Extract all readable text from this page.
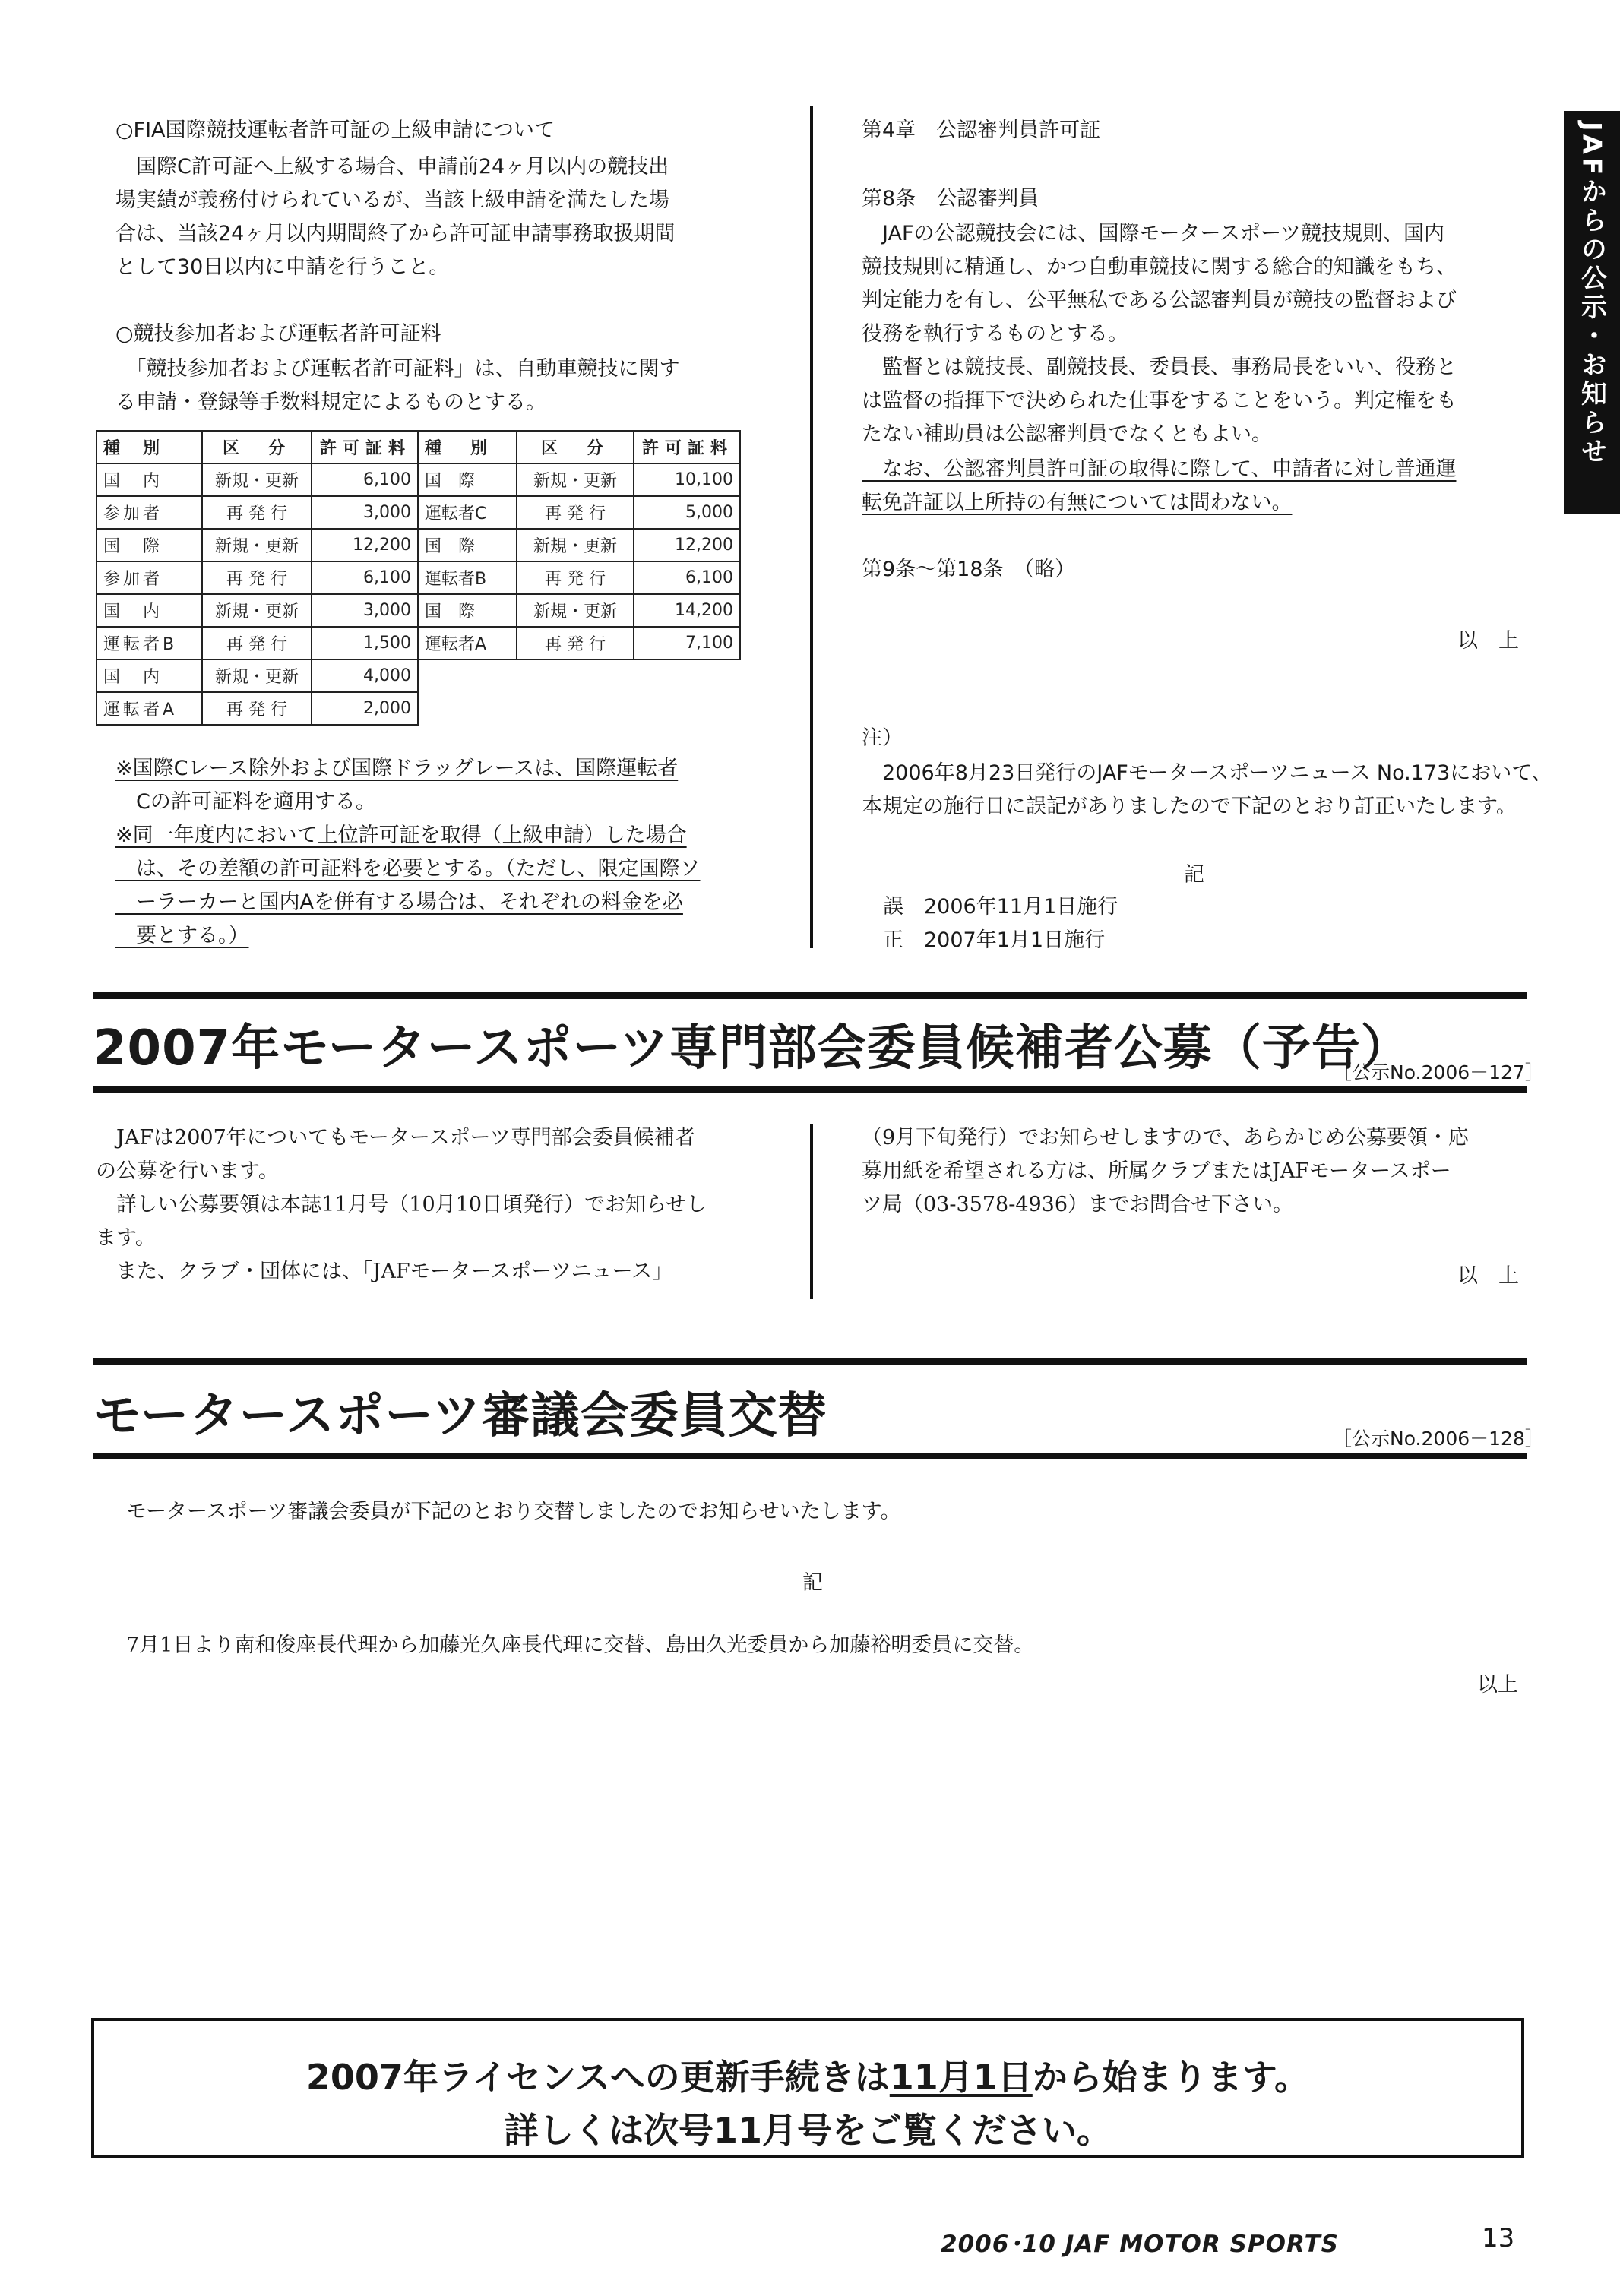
JAFからの公示・お知らせ
○FIA国際競技運転者許可証の上級申請について
　国際C許可証へ上級する場合、申請前24ヶ月以内の競技出
場実績が義務付けられているが、当該上級申請を満たした場
合は、当該24ヶ月以内期間終了から許可証申請事務取扱期間
として30日以内に申請を行うこと。
○競技参加者および運転者許可証料
　「競技参加者および運転者許可証料」は、自動車競技に関す
る申請・登録等手数料規定によるものとする。
種　別	区　分	許可証料	種　別	区　分	許可証料
国　内	新規・更新	6,100	国　際	新規・更新	10,100
参加者	再 発 行	3,000	運転者C	再 発 行	5,000
国　際	新規・更新	12,200	国　際	新規・更新	12,200
参加者	再 発 行	6,100	運転者B	再 発 行	6,100
国　内	新規・更新	3,000	国　際	新規・更新	14,200
運転者B	再 発 行	1,500	運転者A	再 発 行	7,100
国　内	新規・更新	4,000			
運転者A	再 発 行	2,000			
※国際Cレース除外および国際ドラッグレースは、国際運転者
　Cの許可証料を適用する。
※同一年度内において上位許可証を取得（上級申請）した場合
　は、その差額の許可証料を必要とする。（ただし、限定国際ソ
　ーラーカーと国内Aを併有する場合は、それぞれの料金を必
　要とする。）
第4章　公認審判員許可証
第8条　公認審判員
　JAFの公認競技会には、国際モータースポーツ競技規則、国内
競技規則に精通し、かつ自動車競技に関する総合的知識をもち、
判定能力を有し、公平無私である公認審判員が競技の監督および
役務を執行するものとする。
　監督とは競技長、副競技長、委員長、事務局長をいい、役務と
は監督の指揮下で決められた仕事をすることをいう。判定権をも
たない補助員は公認審判員でなくともよい。
　なお、公認審判員許可証の取得に際して、申請者に対し普通運
転免許証以上所持の有無については問わない。
第9条～第18条　（略）
以　上
注）
　2006年8月23日発行のJAFモータースポーツニュース No.173において、
本規定の施行日に誤記がありましたので下記のとおり訂正いたします。
記
誤　2006年11月1日施行
正　2007年1月1日施行
2007年モータースポーツ専門部会委員候補者公募（予告）
［公示No.2006－127］
　JAFは2007年についてもモータースポーツ専門部会委員候補者
の公募を行います。
　詳しい公募要領は本誌11月号（10月10日頃発行）でお知らせし
ます。
　また、クラブ・団体には、「JAFモータースポーツニュース」
（9月下旬発行）でお知らせしますので、あらかじめ公募要領・応
募用紙を希望される方は、所属クラブまたはJAFモータースポー
ツ局（03-3578-4936）までお問合せ下さい。
以　上
モータースポーツ審議会委員交替	［公示No.2006－128］
モータースポーツ審議会委員が下記のとおり交替しましたのでお知らせいたします。
記
7月1日より南和俊座長代理から加藤光久座長代理に交替、島田久光委員から加藤裕明委員に交替。
以上
2007年ライセンスへの更新手続きは11月1日から始まります。
詳しくは次号11月号をご覧ください。
2006･10 JAF MOTOR SPORTS	13
